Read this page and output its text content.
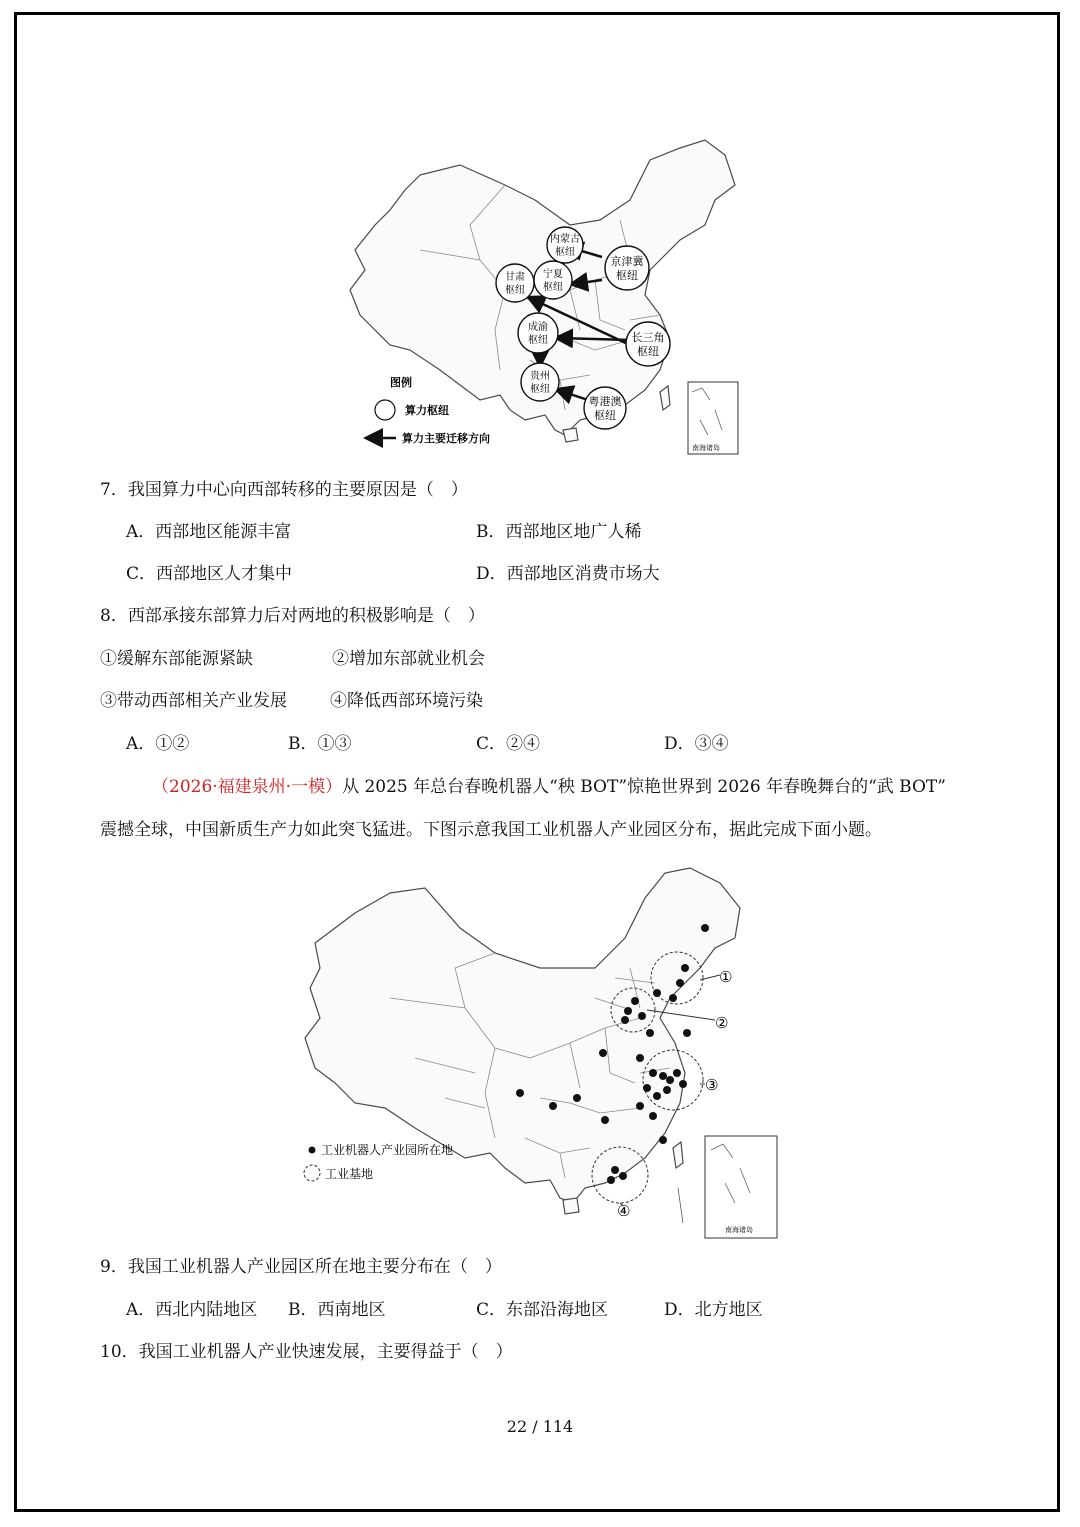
南海诸岛
内蒙古
枢纽
京津冀
枢纽
甘肃
枢纽
宁夏
枢纽
成渝
枢纽	长三角
枢纽
贵州
枢纽
粤港澳
枢纽
图例
算力枢纽
算力主要迁移方向
7．我国算力中心向西部转移的主要原因是（　）
A．西部地区能源丰富	B．西部地区地广人稀
C．西部地区人才集中	D．西部地区消费市场大
8．西部承接东部算力后对两地的积极影响是（　）
①缓解东部能源紧缺	②增加东部就业机会
③带动西部相关产业发展	④降低西部环境污染
A．①②	B．①③	C．②④	D．③④
（2026·福建泉州·一模）从 2025 年总台春晚机器人“秧 BOT”惊艳世界到 2026 年春晚舞台的“武 BOT”
震撼全球，中国新质生产力如此突飞猛进。下图示意我国工业机器人产业园区分布，据此完成下面小题。
南海诸岛
①
②
③
④
工业机器人产业园所在地
工业基地
9．我国工业机器人产业园区所在地主要分布在（　）
A．西北内陆地区 B．西南地区	C．东部沿海地区	D．北方地区
10．我国工业机器人产业快速发展，主要得益于（　）
22 / 114
